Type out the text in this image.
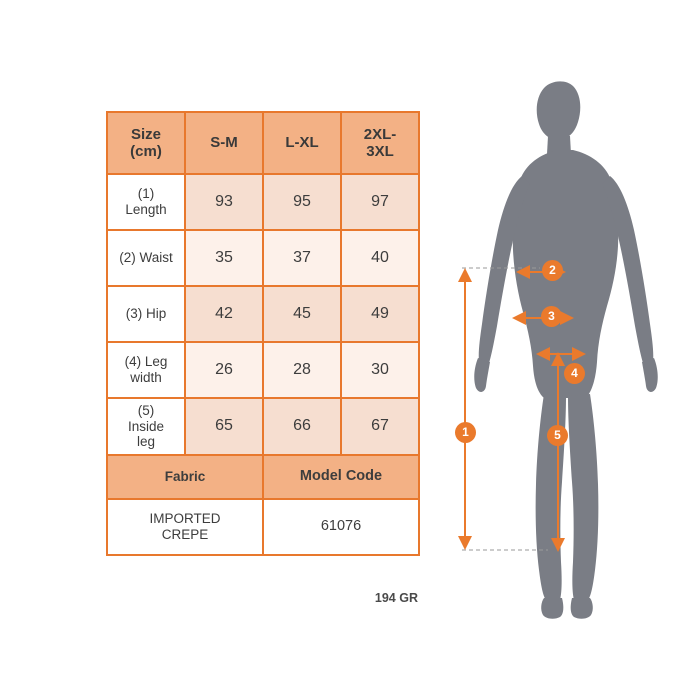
Size
(cm)	S-M	L-XL	2XL-
3XL
(1)
Length	93	95	97
(2) Waist	35	37	40
(3) Hip	42	45	49
(4) Leg
width	26	28	30
(5)
Inside
leg	65	66	67
Fabric		Model Code	
IMPORTED
CREPE		61076	
194 GR
2
3
4
1	5
